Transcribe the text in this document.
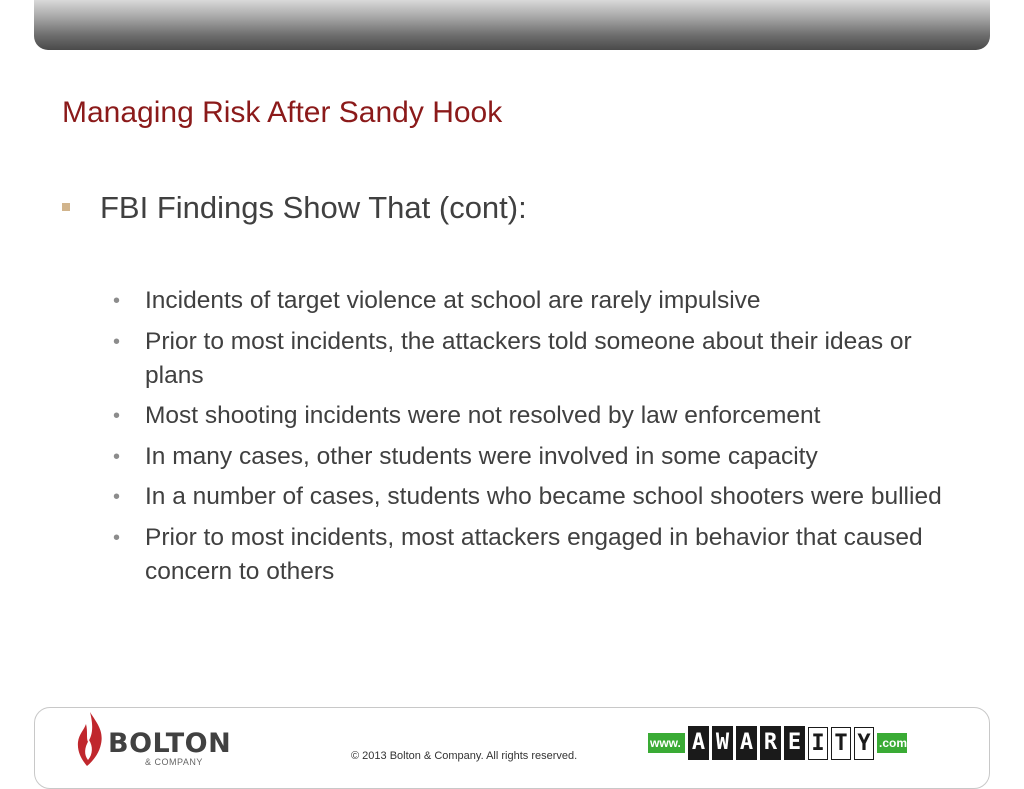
Managing Risk After Sandy Hook
FBI Findings Show That (cont):
•	Incidents of target violence at school are rarely impulsive
•	Prior to most incidents, the attackers told someone about their ideas or plans
•	Most shooting incidents were not resolved by law enforcement
•	In many cases, other students were involved in some capacity
•	In a number of cases, students who became school shooters were bullied
•	Prior to most incidents, most attackers engaged in behavior that caused concern to others
BOLTON
& COMPANY	© 2013 Bolton & Company. All rights reserved.
www. A W A R E I T Y .com
